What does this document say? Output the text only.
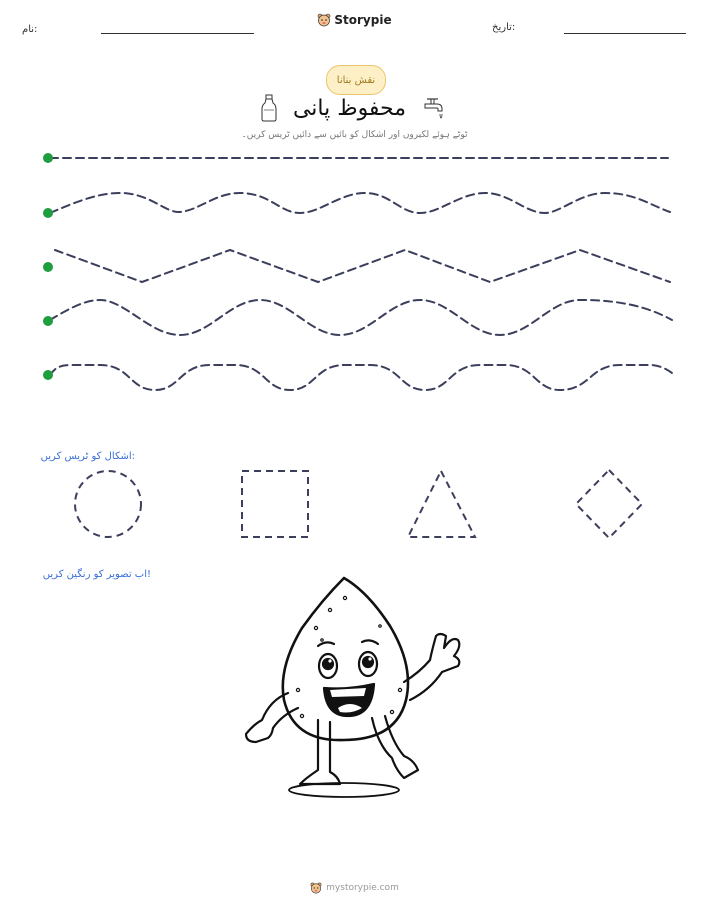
نام:
Storypie
تاریخ:
نقش بنانا
محفوظ پانی
ٹوٹے ہوئے لکیروں اور اشکال کو بائیں سے دائیں ٹریس کریں۔
اشکال کو ٹریس کریں:
اب تصویر کو رنگین کریں!
mystorypie.com
